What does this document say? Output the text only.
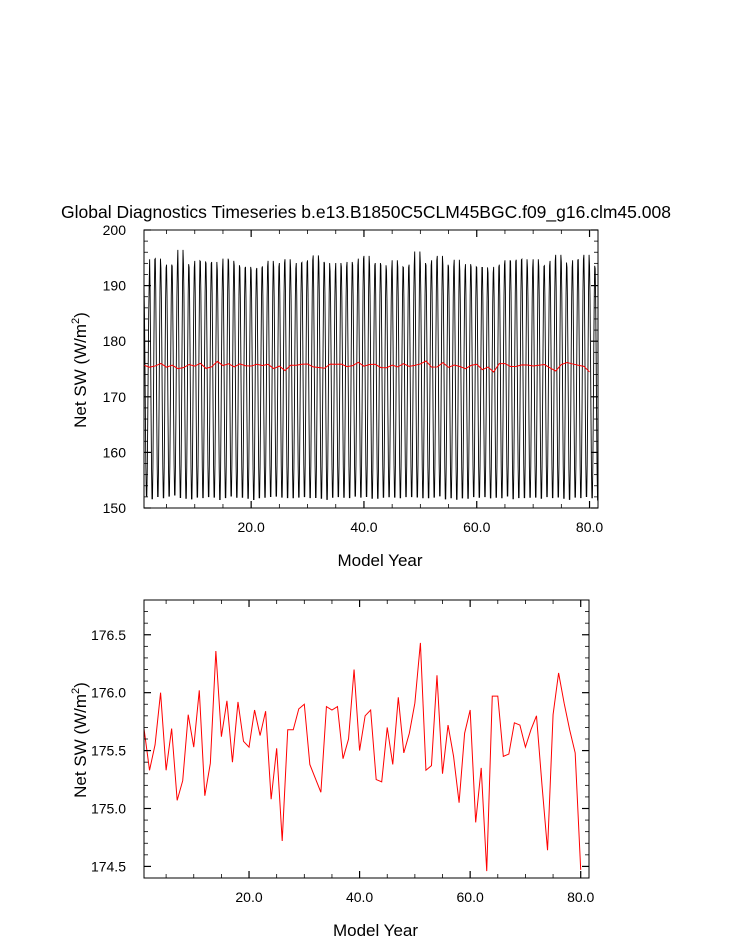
Global Diagnostics Timeseries b.e13.B1850C5CLM45BGC.f09_g16.clm45.008
20.0	40.0	60.0	80.0
150
160
170
180
190
200
Model Year
Net SW $(W/m^2)$
20.0	40.0	60.0	80.0
174.5
175.0
175.5
176.0
176.5
Model Year
Net SW $(W/m^2)$
